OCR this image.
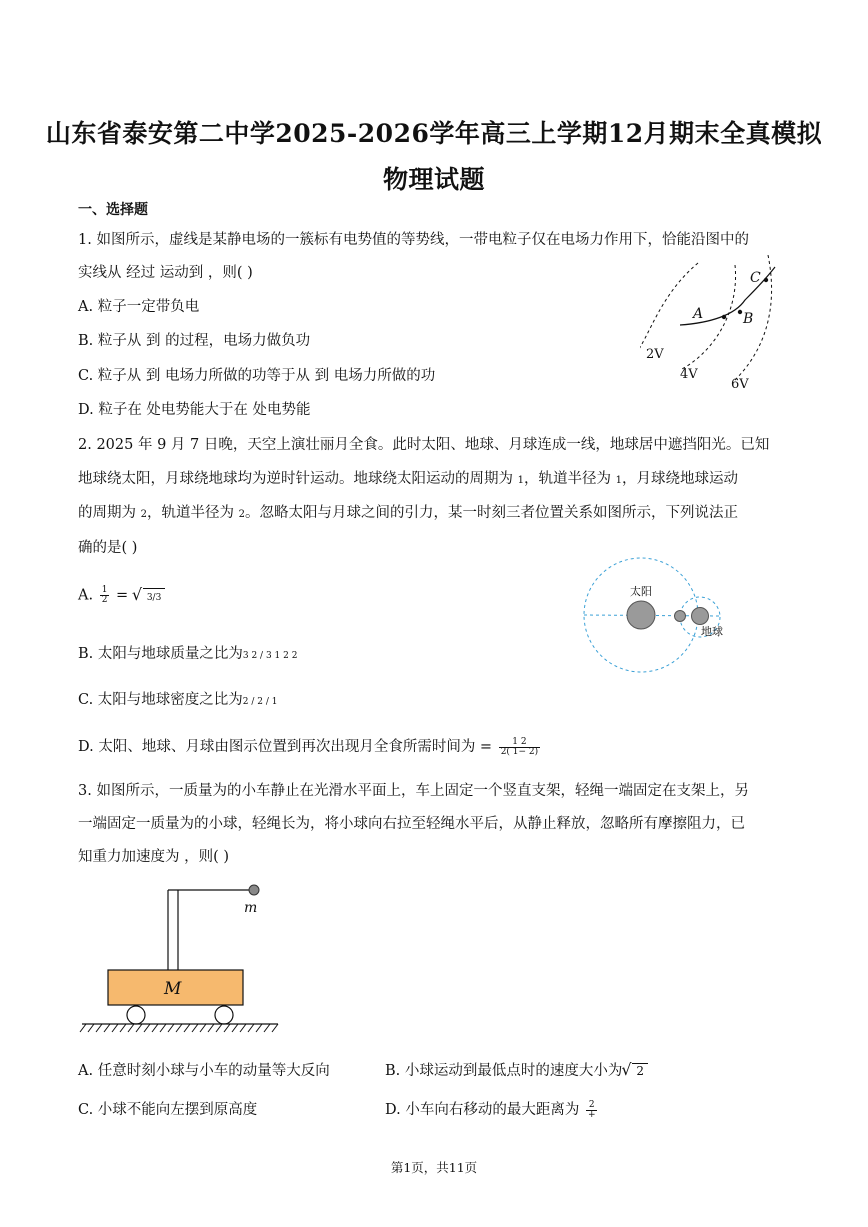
山东省泰安第二中学2025-2026学年高三上学期12月期末全真模拟
物理试题
一、选择题
1. 如图所示，虚线是某静电场的一簇标有电势值的等势线，一带电粒子仅在电场力作用下，恰能沿图中的
实线从 经过 运动到 ，则( )
A. 粒子一定带负电
B. 粒子从 到 的过程，电场力做负功
C. 粒子从 到 电场力所做的功等于从 到 电场力所做的功
D. 粒子在 处电势能大于在 处电势能
A	B
C
2V
4V
6V
2. 2025 年 9 月 7 日晚，天空上演壮丽月全食。此时太阳、地球、月球连成一线，地球居中遮挡阳光。已知
地球绕太阳，月球绕地球均为逆时针运动。地球绕太阳运动的周期为 1，轨道半径为 1，月球绕地球运动
的周期为 2，轨道半径为 2。忽略太阳与月球之间的引力，某一时刻三者位置关系如图所示，下列说法正
确的是( )
A. $\frac{1}{2}$ = √ 3/3
B. 太阳与地球质量之比为3 2 / 3 1 2 2
C. 太阳与地球密度之比为2 / 2 / 1
D. 太阳、地球、月球由图示位置到再次出现月全食所需时间为 = $\frac{1 2}{2( 1- 2)}$
太阳
地球
3. 如图所示，一质量为的小车静止在光滑水平面上，车上固定一个竖直支架，轻绳一端固定在支架上，另
一端固定一质量为的小球，轻绳长为，将小球向右拉至轻绳水平后，从静止释放，忽略所有摩擦阻力，已
知重力加速度为 ，则( )
m
M
A. 任意时刻小球与小车的动量等大反向	B. 小球运动到最低点时的速度大小为 √ 2
C. 小球不能向左摆到原高度	D. 小车向右移动的最大距离为 $\frac{2}{+}$
第1页，共11页
